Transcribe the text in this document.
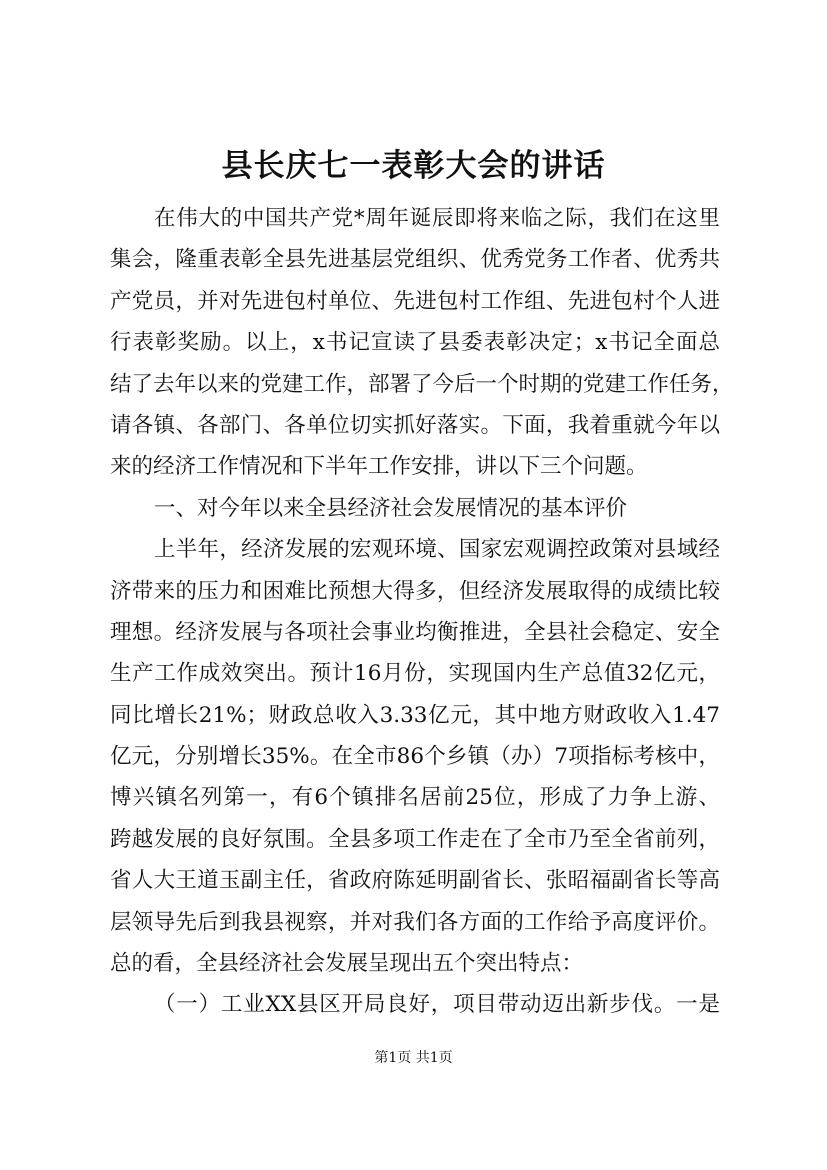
县长庆七一表彰大会的讲话
在伟大的中国共产党*周年诞辰即将来临之际，我们在这里
集会，隆重表彰全县先进基层党组织、优秀党务工作者、优秀共
产党员，并对先进包村单位、先进包村工作组、先进包村个人进
行表彰奖励。以上，x书记宣读了县委表彰决定；x书记全面总
结了去年以来的党建工作，部署了今后一个时期的党建工作任务，
请各镇、各部门、各单位切实抓好落实。下面，我着重就今年以
来的经济工作情况和下半年工作安排，讲以下三个问题。
一、对今年以来全县经济社会发展情况的基本评价
上半年，经济发展的宏观环境、国家宏观调控政策对县域经
济带来的压力和困难比预想大得多，但经济发展取得的成绩比较
理想。经济发展与各项社会事业均衡推进，全县社会稳定、安全
生产工作成效突出。预计16月份，实现国内生产总值32亿元，
同比增长21%；财政总收入3.33亿元，其中地方财政收入1.47
亿元，分别增长35%。在全市86个乡镇（办）7项指标考核中，
博兴镇名列第一，有6个镇排名居前25位，形成了力争上游、
跨越发展的良好氛围。全县多项工作走在了全市乃至全省前列，
省人大王道玉副主任，省政府陈延明副省长、张昭福副省长等高
层领导先后到我县视察，并对我们各方面的工作给予高度评价。
总的看，全县经济社会发展呈现出五个突出特点：
（一）工业XX县区开局良好，项目带动迈出新步伐。一是
第1页 共1页
